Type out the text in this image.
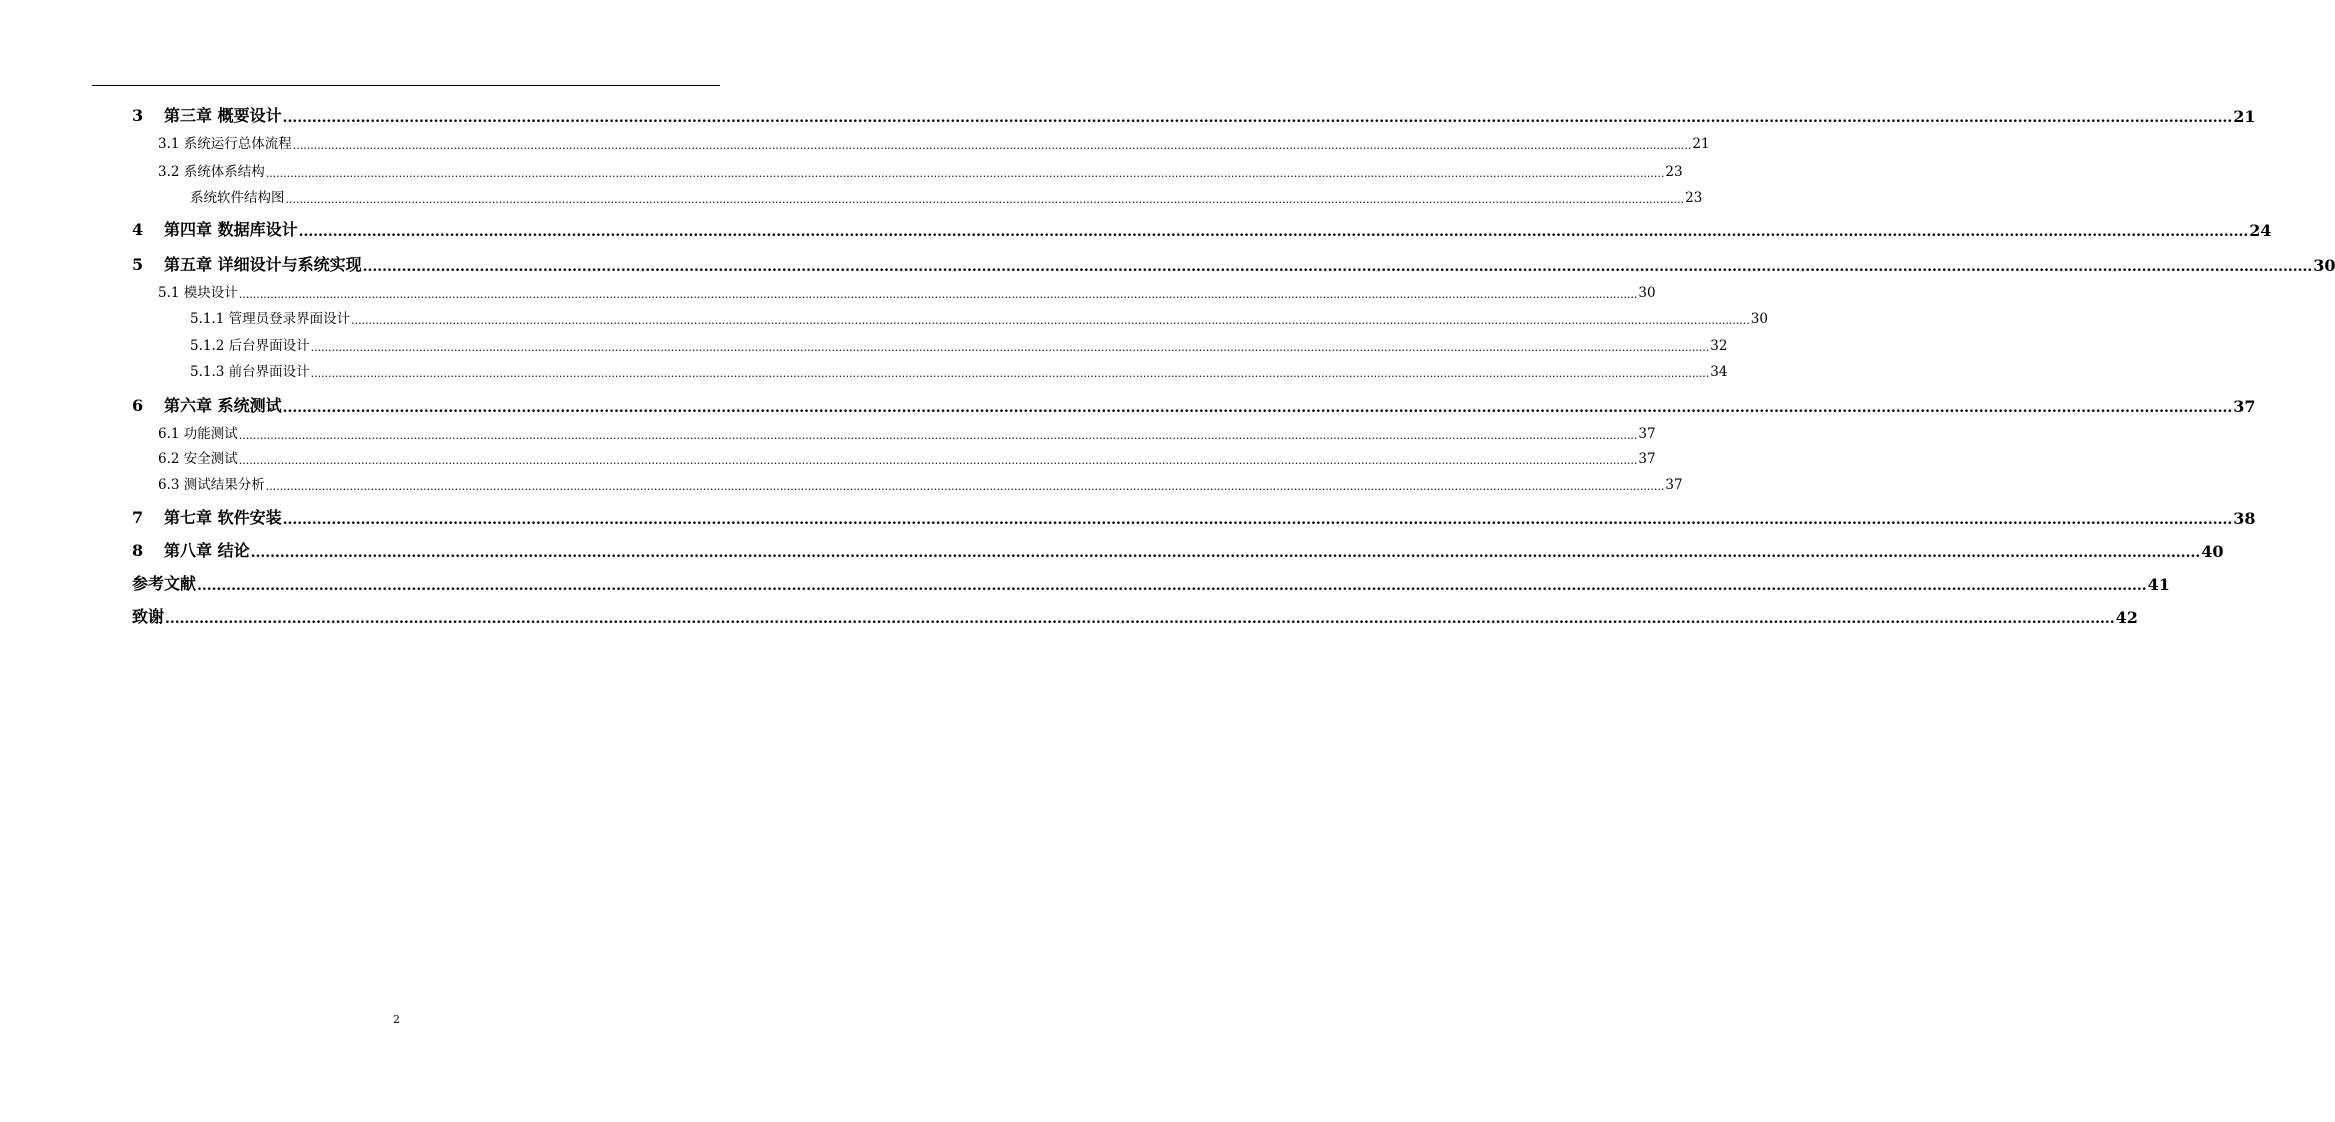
3 第三章 概要设计 ................................................................................................................................................................................................................................................................................................................................................................................................................ 21
3.1 系统运行总体流程 ................................................................................................................................................................................................................................................................................................................................................................................................................ 21
3.2 系统体系结构 ................................................................................................................................................................................................................................................................................................................................................................................................................ 23
系统软件结构图 ................................................................................................................................................................................................................................................................................................................................................................................................................ 23
4 第四章 数据库设计 ................................................................................................................................................................................................................................................................................................................................................................................................................ 24
5 第五章 详细设计与系统实现 ................................................................................................................................................................................................................................................................................................................................................................................................................ 30
5.1 模块设计 ................................................................................................................................................................................................................................................................................................................................................................................................................ 30
5.1.1 管理员登录界面设计 ................................................................................................................................................................................................................................................................................................................................................................................................................ 30
5.1.2 后台界面设计 ................................................................................................................................................................................................................................................................................................................................................................................................................ 32
5.1.3 前台界面设计 ................................................................................................................................................................................................................................................................................................................................................................................................................ 34
6 第六章 系统测试 ................................................................................................................................................................................................................................................................................................................................................................................................................ 37
6.1 功能测试 ................................................................................................................................................................................................................................................................................................................................................................................................................ 37
6.2 安全测试 ................................................................................................................................................................................................................................................................................................................................................................................................................ 37
6.3 测试结果分析 ................................................................................................................................................................................................................................................................................................................................................................................................................ 37
7 第七章 软件安装 ................................................................................................................................................................................................................................................................................................................................................................................................................ 38
8 第八章 结论 ................................................................................................................................................................................................................................................................................................................................................................................................................ 40
参考文献 ................................................................................................................................................................................................................................................................................................................................................................................................................ 41
致谢 ................................................................................................................................................................................................................................................................................................................................................................................................................ 42
2
